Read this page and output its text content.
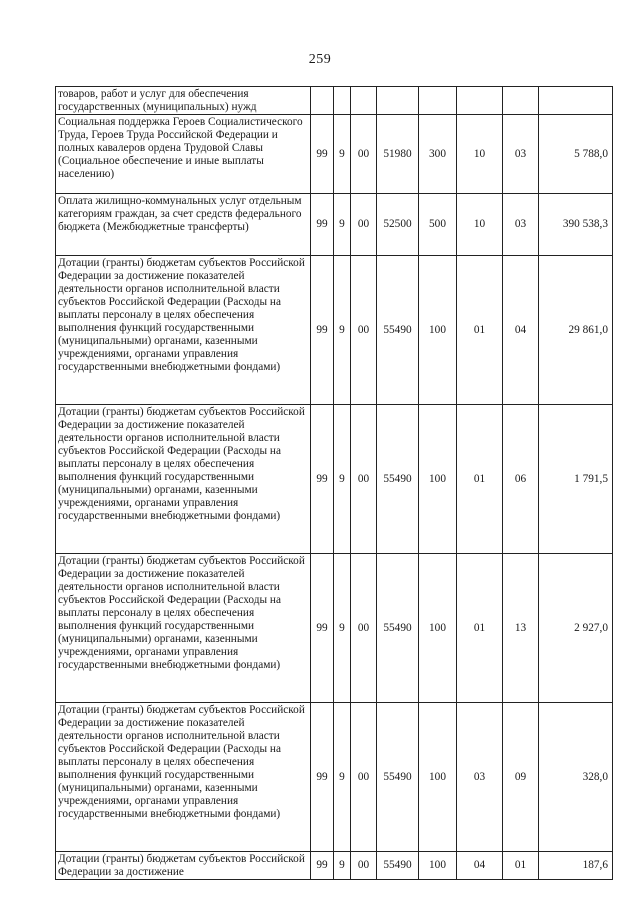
259
товаров, работ и услуг для обеспечения государственных (муниципальных) нужд								
Социальная поддержка Героев Социалистического Труда, Героев Труда Российской Федерации и полных кавалеров ордена Трудовой Славы (Социальное обеспечение и иные выплаты населению)	99	9	00	51980	300	10	03	5 788,0
Оплата жилищно-коммунальных услуг отдельным категориям граждан, за счет средств федерального бюджета (Межбюджетные трансферты)	99	9	00	52500	500	10	03	390 538,3
Дотации (гранты) бюджетам субъектов Российской Федерации за достижение показателей деятельности органов исполнительной власти субъектов Российской Федерации (Расходы на выплаты персоналу в целях обеспечения выполнения функций государственными (муниципальными) органами, казенными учреждениями, органами управления государственными внебюджетными фондами)	99	9	00	55490	100	01	04	29 861,0
Дотации (гранты) бюджетам субъектов Российской Федерации за достижение показателей деятельности органов исполнительной власти субъектов Российской Федерации (Расходы на выплаты персоналу в целях обеспечения выполнения функций государственными (муниципальными) органами, казенными учреждениями, органами управления государственными внебюджетными фондами)	99	9	00	55490	100	01	06	1 791,5
Дотации (гранты) бюджетам субъектов Российской Федерации за достижение показателей деятельности органов исполнительной власти субъектов Российской Федерации (Расходы на выплаты персоналу в целях обеспечения выполнения функций государственными (муниципальными) органами, казенными учреждениями, органами управления государственными внебюджетными фондами)	99	9	00	55490	100	01	13	2 927,0
Дотации (гранты) бюджетам субъектов Российской Федерации за достижение показателей деятельности органов исполнительной власти субъектов Российской Федерации (Расходы на выплаты персоналу в целях обеспечения выполнения функций государственными (муниципальными) органами, казенными учреждениями, органами управления государственными внебюджетными фондами)	99	9	00	55490	100	03	09	328,0
Дотации (гранты) бюджетам субъектов Российской Федерации за достижение	99	9	00	55490	100	04	01	187,6
